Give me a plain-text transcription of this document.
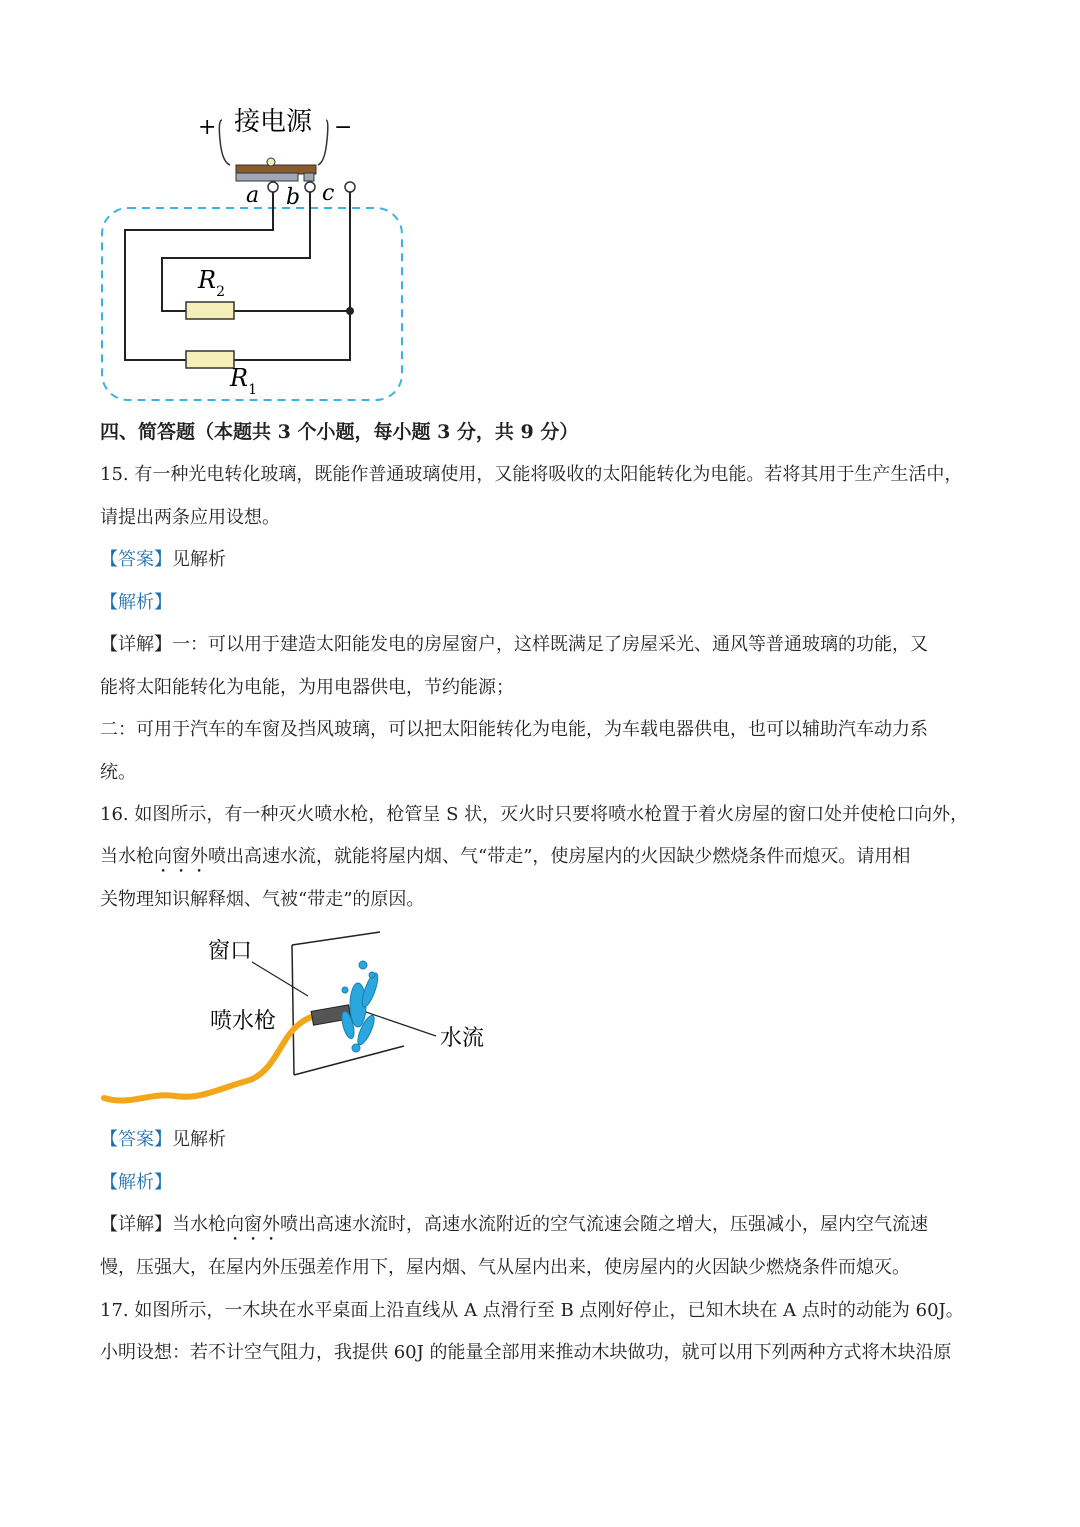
+ 接电源 −
a b c
$R_2$
$R_1$
四、简答题（本题共 3 个小题，每小题 3 分，共 9 分）
15. 有一种光电转化玻璃，既能作普通玻璃使用，又能将吸收的太阳能转化为电能。若将其用于生产生活中，
请提出两条应用设想。
【答案】见解析
【解析】
【详解】一：可以用于建造太阳能发电的房屋窗户，这样既满足了房屋采光、通风等普通玻璃的功能，又
能将太阳能转化为电能，为用电器供电，节约能源；
二：可用于汽车的车窗及挡风玻璃，可以把太阳能转化为电能，为车载电器供电，也可以辅助汽车动力系
统。
16. 如图所示，有一种灭火喷水枪，枪管呈 S 状，灭火时只要将喷水枪置于着火房屋的窗口处并使枪口向外，
当水枪向窗外喷出高速水流，就能将屋内烟、气“带走”，使房屋内的火因缺少燃烧条件而熄灭。请用相
关物理知识解释烟、气被“带走”的原因。
窗口
喷水枪
水流
【答案】见解析
【解析】
【详解】当水枪向窗外喷出高速水流时，高速水流附近的空气流速会随之增大，压强减小，屋内空气流速
慢，压强大，在屋内外压强差作用下，屋内烟、气从屋内出来，使房屋内的火因缺少燃烧条件而熄灭。
17. 如图所示，一木块在水平桌面上沿直线从 A 点滑行至 B 点刚好停止，已知木块在 A 点时的动能为 60J。
小明设想：若不计空气阻力，我提供 60J 的能量全部用来推动木块做功，就可以用下列两种方式将木块沿原
